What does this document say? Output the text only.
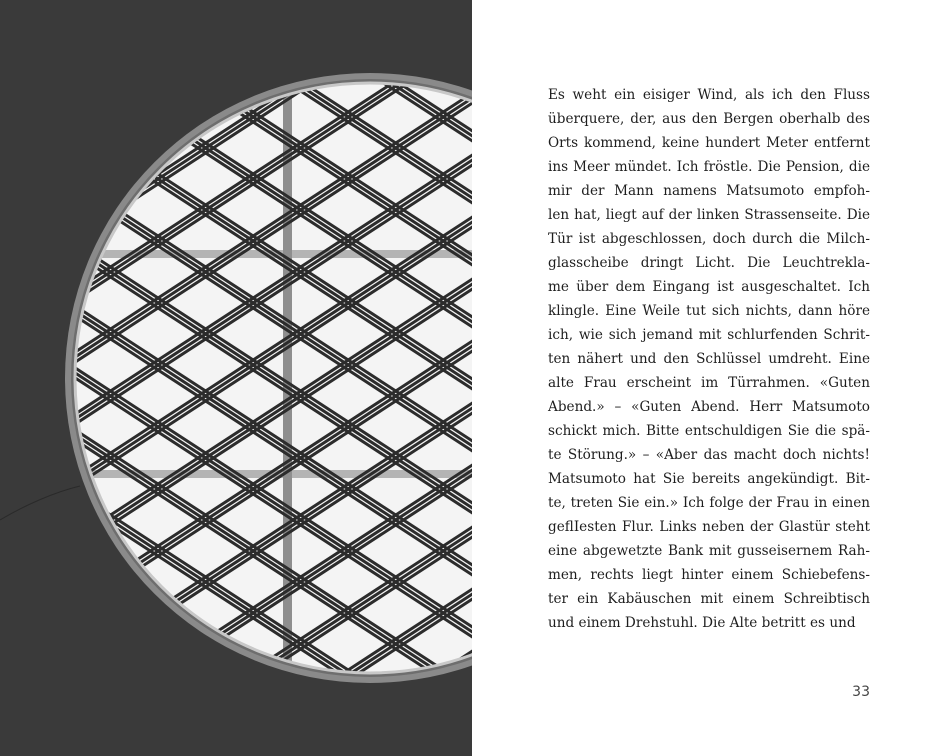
Es weht ein eisiger Wind, als ich den Fluss
überquere, der, aus den Bergen oberhalb des
Orts kommend, keine hundert Meter entfernt
ins Meer mündet. Ich fröstle. Die Pension, die
mir der Mann namens Matsumoto empfoh-
len hat, liegt auf der linken Strassenseite. Die
Tür ist abgeschlossen, doch durch die Milch-
glasscheibe dringt Licht. Die Leuchtrekla-
me über dem Eingang ist ausgeschaltet. Ich
klingle. Eine Weile tut sich nichts, dann höre
ich, wie sich jemand mit schlurfenden Schrit-
ten nähert und den Schlüssel umdreht. Eine
alte Frau erscheint im Türrahmen. «Guten
Abend.» – «Guten Abend. Herr Matsumoto
schickt mich. Bitte entschuldigen Sie die spä-
te Störung.» – «Aber das macht doch nichts!
Matsumoto hat Sie bereits angekündigt. Bit-
te, treten Sie ein.» Ich folge der Frau in einen
geflIesten Flur. Links neben der Glastür steht
eine abgewetzte Bank mit gusseisernem Rah-
men, rechts liegt hinter einem Schiebefens-
ter ein Kabäuschen mit einem Schreibtisch
und einem Drehstuhl. Die Alte betritt es und
33
